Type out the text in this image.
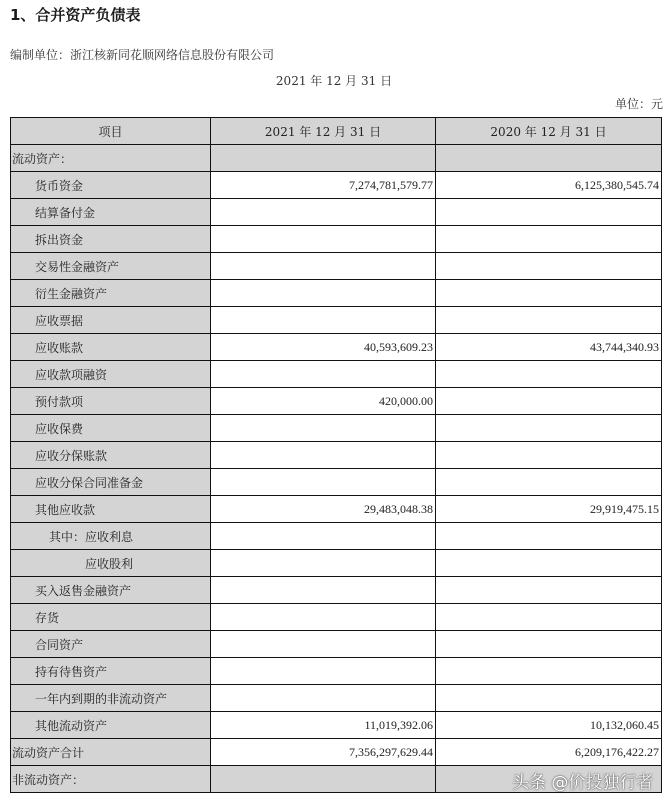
1、合并资产负债表
编制单位：浙江核新同花顺网络信息股份有限公司
2021 年 12 月 31 日
单位：元
项目	2021 年 12 月 31 日	2020 年 12 月 31 日
流动资产：		
货币资金	7,274,781,579.77	6,125,380,545.74
结算备付金		
拆出资金		
交易性金融资产		
衍生金融资产		
应收票据		
应收账款	40,593,609.23	43,744,340.93
应收款项融资		
预付款项	420,000.00	
应收保费		
应收分保账款		
应收分保合同准备金		
其他应收款	29,483,048.38	29,919,475.15
其中：应收利息		
应收股利		
买入返售金融资产		
存货		
合同资产		
持有待售资产		
一年内到期的非流动资产		
其他流动资产	11,019,392.06	10,132,060.45
流动资产合计	7,356,297,629.44	6,209,176,422.27
非流动资产：			头条 @价投独行者
